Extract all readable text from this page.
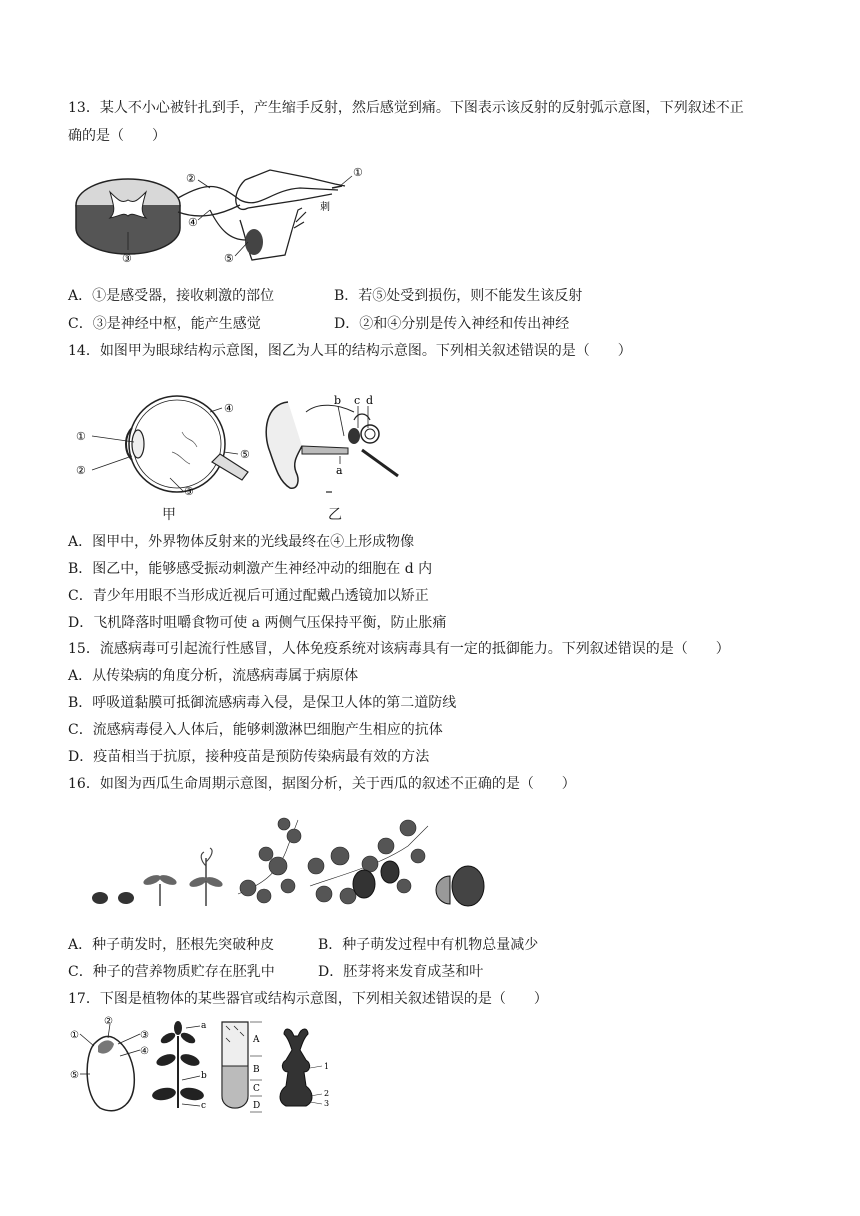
13．某人不小心被针扎到手，产生缩手反射，然后感觉到痛。下图表示该反射的反射弧示意图，下列叙述不正
确的是（　　）
①
②
③
④
⑤
刺
A．①是感受器，接收刺激的部位	B．若⑤处受到损伤，则不能发生该反射
C．③是神经中枢，能产生感觉	D．②和④分别是传入神经和传出神经
14．如图甲为眼球结构示意图，图乙为人耳的结构示意图。下列相关叙述错误的是（　　）
①
②
③
④
⑤
b c d
a
甲	乙
A．图甲中，外界物体反射来的光线最终在④上形成物像
B．图乙中，能够感受振动刺激产生神经冲动的细胞在 d 内
C．青少年用眼不当形成近视后可通过配戴凸透镜加以矫正
D．飞机降落时咀嚼食物可使 a 两侧气压保持平衡，防止胀痛
15．流感病毒可引起流行性感冒，人体免疫系统对该病毒具有一定的抵御能力。下列叙述错误的是（　　）
A．从传染病的角度分析，流感病毒属于病原体
B．呼吸道黏膜可抵御流感病毒入侵，是保卫人体的第二道防线
C．流感病毒侵入人体后，能够刺激淋巴细胞产生相应的抗体
D．疫苗相当于抗原，接种疫苗是预防传染病最有效的方法
16．如图为西瓜生命周期示意图，据图分析，关于西瓜的叙述不正确的是（　　）
A．种子萌发时，胚根先突破种皮	B．种子萌发过程中有机物总量减少
C．种子的营养物质贮存在胚乳中	D．胚芽将来发育成茎和叶
17．下图是植物体的某些器官或结构示意图，下列相关叙述错误的是（　　）
①
②
③
④
⑤
a
b
c
A
B
C
D
1
2
3
